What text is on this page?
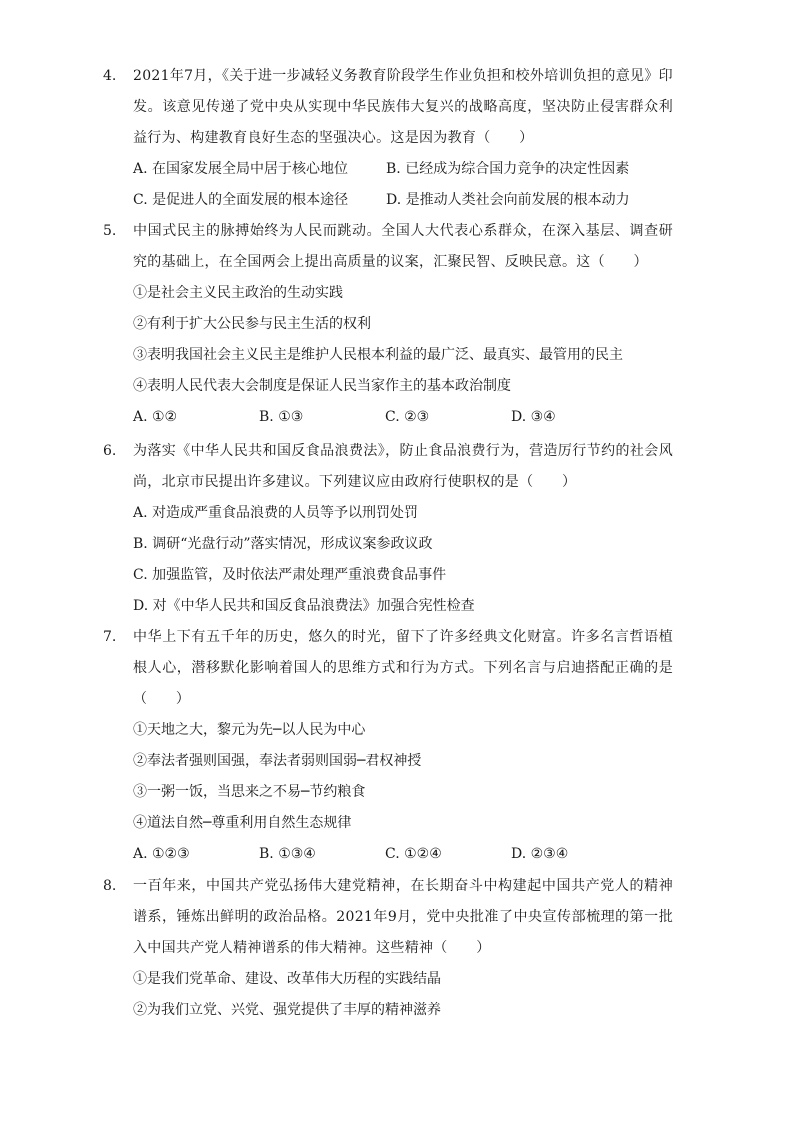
4. 2021年7月，《关于进一步减轻义务教育阶段学生作业负担和校外培训负担的意见》印发。该意见传递了党中央从实现中华民族伟大复兴的战略高度，坚决防止侵害群众利益行为、构建教育良好生态的坚强决心。这是因为教育（　　）
A. 在国家发展全局中居于核心地位	B. 已经成为综合国力竞争的决定性因素
C. 是促进人的全面发展的根本途径	D. 是推动人类社会向前发展的根本动力
5. 中国式民主的脉搏始终为人民而跳动。全国人大代表心系群众，在深入基层、调查研究的基础上，在全国两会上提出高质量的议案，汇聚民智、反映民意。这（　　）
①是社会主义民主政治的生动实践
②有利于扩大公民参与民主生活的权利
③表明我国社会主义民主是维护人民根本利益的最广泛、最真实、最管用的民主
④表明人民代表大会制度是保证人民当家作主的基本政治制度
A. ①②	B. ①③	C. ②③	D. ③④
6. 为落实《中华人民共和国反食品浪费法》，防止食品浪费行为，营造厉行节约的社会风尚，北京市民提出许多建议。下列建议应由政府行使职权的是（　　）
A. 对造成严重食品浪费的人员等予以刑罚处罚
B. 调研“光盘行动”落实情况，形成议案参政议政
C. 加强监管，及时依法严肃处理严重浪费食品事件
D. 对《中华人民共和国反食品浪费法》加强合宪性检查
7. 中华上下有五千年的历史，悠久的时光，留下了许多经典文化财富。许多名言哲语植根人心，潜移默化影响着国人的思维方式和行为方式。下列名言与启迪搭配正确的是（　　）
①天地之大，黎元为先─以人民为中心
②奉法者强则国强，奉法者弱则国弱─君权神授
③一粥一饭，当思来之不易─节约粮食
④道法自然─尊重利用自然生态规律
A. ①②③	B. ①③④	C. ①②④	D. ②③④
8. 一百年来，中国共产党弘扬伟大建党精神，在长期奋斗中构建起中国共产党人的精神谱系，锤炼出鲜明的政治品格。2021年9月，党中央批准了中央宣传部梳理的第一批入中国共产党人精神谱系的伟大精神。这些精神（　　）
①是我们党革命、建设、改革伟大历程的实践结晶
②为我们立党、兴党、强党提供了丰厚的精神滋养
